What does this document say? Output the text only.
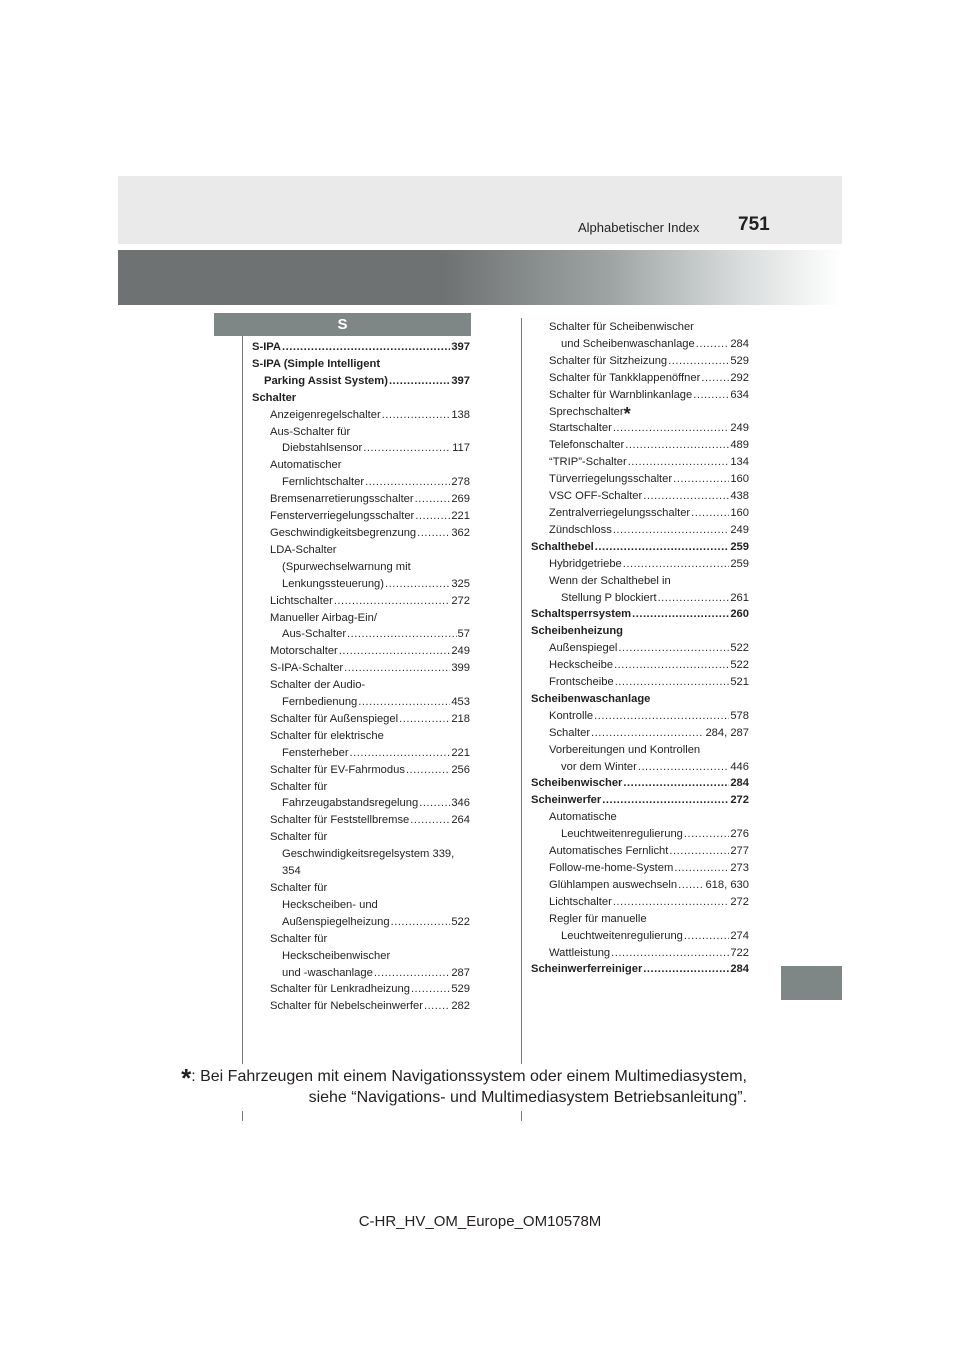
Alphabetischer Index 751
S
S-IPA .....	397
S-IPA (Simple Intelligent
Parking Assist System) .....	397
Schalter
Anzeigenregelschalter .....	138
Aus-Schalter für
Diebstahlsensor .....	117
Automatischer
Fernlichtschalter .....	278
Bremsenarretierungsschalter .....	269
Fensterverriegelungsschalter .....	221
Geschwindigkeitsbegrenzung .....	362
LDA-Schalter
(Spurwechselwarnung mit
Lenkungssteuerung) .....	325
Lichtschalter .....	272
Manueller Airbag-Ein/
Aus-Schalter .....	57
Motorschalter .....	249
S-IPA-Schalter .....	399
Schalter der Audio-
Fernbedienung .....	453
Schalter für Außenspiegel .....	218
Schalter für elektrische
Fensterheber .....	221
Schalter für EV-Fahrmodus .....	256
Schalter für
Fahrzeugabstandsregelung .....	346
Schalter für Feststellbremse .....	264
Schalter für
Geschwindigkeitsregelsystem 339,
354
Schalter für
Heckscheiben- und
Außenspiegelheizung .....	522
Schalter für
Heckscheibenwischer
und -waschanlage .....	287
Schalter für Lenkradheizung .....	529
Schalter für Nebelscheinwerfer .....	282
Schalter für Scheibenwischer
und Scheibenwaschanlage .....	284
Schalter für Sitzheizung .....	529
Schalter für Tankklappenöffner .....	292
Schalter für Warnblinkanlage .....	634
Sprechschalter *
Startschalter .....	249
Telefonschalter .....	489
“TRIP”-Schalter .....	134
Türverriegelungsschalter .....	160
VSC OFF-Schalter .....	438
Zentralverriegelungsschalter .....	160
Zündschloss .....	249
Schalthebel .....	259
Hybridgetriebe .....	259
Wenn der Schalthebel in
Stellung P blockiert .....	261
Schaltsperrsystem .....	260
Scheibenheizung
Außenspiegel .....	522
Heckscheibe .....	522
Frontscheibe .....	521
Scheibenwaschanlage
Kontrolle .....	578
Schalter .....	284, 287
Vorbereitungen und Kontrollen
vor dem Winter .....	446
Scheibenwischer .....	284
Scheinwerfer .....	272
Automatische
Leuchtweitenregulierung .....	276
Automatisches Fernlicht .....	277
Follow-me-home-System .....	273
Glühlampen auswechseln .....	618, 630
Lichtschalter .....	272
Regler für manuelle
Leuchtweitenregulierung .....	274
Wattleistung .....	722
Scheinwerferreiniger .....	284
*: Bei Fahrzeugen mit einem Navigationssystem oder einem Multimediasystem,
siehe “Navigations- und Multimediasystem Betriebsanleitung”.
C-HR_HV_OM_Europe_OM10578M
